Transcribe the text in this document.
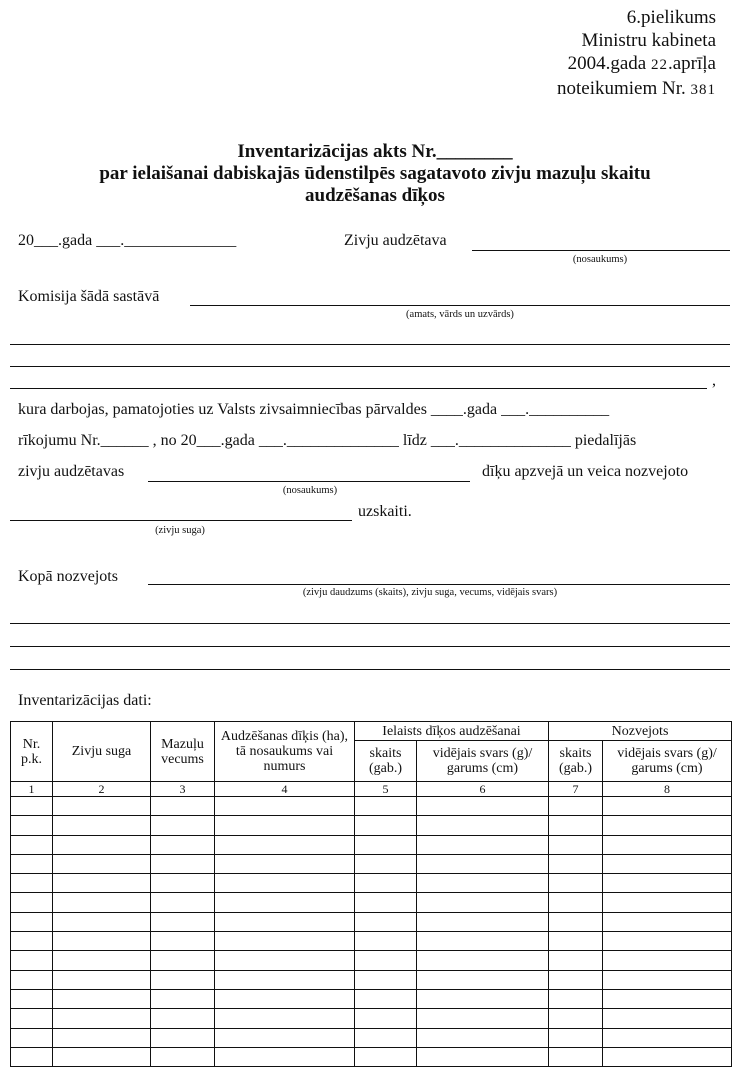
6.pielikums
Ministru kabineta
2004.gada 22.aprīļa
noteikumiem Nr. 381
Inventarizācijas akts Nr.________
par ielaišanai dabiskajās ūdenstilpēs sagatavoto zivju mazuļu skaitu
audzēšanas dīķos
20___.gada ___.______________	Zivju audzētava
(nosaukums)
Komisija šādā sastāvā
(amats, vārds un uzvārds)
,
kura darbojas, pamatojoties uz Valsts zivsaimniecības pārvaldes ____.gada ___.__________
rīkojumu Nr.______ , no 20___.gada ___.______________ līdz ___.______________ piedalījās
zivju audzētavas	dīķu apzvejā un veica nozvejoto
(nosaukums)
uzskaiti.
(zivju suga)
Kopā nozvejots
(zivju daudzums (skaits), zivju suga, vecums, vidējais svars)
Inventarizācijas dati:
Nr. p.k.	Zivju suga	Mazuļu vecums	Audzēšanas dīķis (ha), tā nosaukums vai numurs	Ielaists dīķos audzēšanai		Nozvejots	
				skaits (gab.)	vidējais svars (g)/ garums (cm)	skaits (gab.)	vidējais svars (g)/ garums (cm)
1	2	3	4	5	6	7	8
